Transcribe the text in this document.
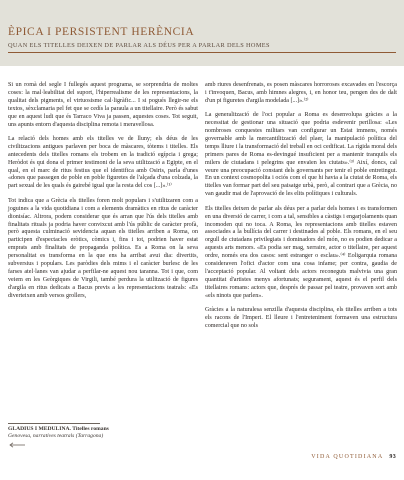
ÈPICA I PERSISTENT HERÈNCIA
QUAN ELS TITELLES DEIXEN DE PARLAR ALS DÉUS PER A PARLAR DELS HOMES

Si un romà del segle I fullegés aquest programa, se sorprendria de moltes coses: la mal·leabilitat del suport, l'hiperrealisme de les representacions, la qualitat dels pigments, el virtuosisme cal·ligràfic... I si pogués llegir-ne els textos, sèxclamaria pel fet que se cedís la paraula a un titellaire. Però és sabut que en aquest ludi que és Tarraco Viva ja passen, aquestes coses. Tot seguit, uns apunts entorn d'aquesta disciplina remota i meravellosa.

La relació dels homes amb els titelles ve de lluny; els déus de les civilitzacions antigues parlaven per boca de màscares, tòtems i titelles. Els antecedents dels titelles romans els trobem en la tradició egípcia i grega; Heròdot és qui dona el primer testimoni de la seva utilització a Egipte, en el qual, en el marc de ritus festius que el identifica amb Osiris, parla d'unes «dones que passegen de poble en poble figuretes de l'alçada d'una colzada, la part sexual de les quals és gairebé igual que la resta del cos [...]».⁽¹⁾

Tot indica que a Grècia els titelles foren molt populars i s'utilitzaren com a joguines a la vida quotidiana i com a elements dramàtics en ritus de caràcter dionisíac. Altrora, podem considerar que és arran que l'ús dels titelles amb finalitats rituals ja podria haver convixcut amb l'ús públic de caràcter profà, però aquesta culminació sevidencia aquan els titelles arriben a Roma, on participen d'espectacles eròtics, còmics i, fins i tot, podrien haver estat emprats amb finalitats de propaganda política. Es a Roma on la seva personalitat es transforma en la que ens ha arribat avui dia: divertits, subversius i populars. Les paròdies dels mims i el caràcter burlesc de les farses atel·lanes van ajudar a perfilar-ne aquest nou taranna. Tot i que, com veiem en les Geòrgiques de Virgili, també perdura la utilització de figures d'argila en ritus dedicats a Bacus previs a les representacions teatrals: «Es diverteixen amb versos grollers,

amb riures desenfrenats, es posen màscares horroroses excavades en l'escorça i t'invoquen, Bacus, amb himnes alegres, i, en honor teu, pengen des de dalt d'un pi figuretes d'argila modelada [...]».⁽²⁾

La generalització de l'oci popular a Roma es desenvolupa gràcies a la necessitat de gestionar una situació que podria esdevenir perillosa: «Les nombroses conquestes militars van configurar un Estat immens, només governable amb la mercantilització del plaer, la manipulació política del temps lliure i la transformació del treball en oci cedificat. La rígida moral dels primers pares de Roma es-devingué insuficient per a mantenir tranquils els milers de ciutadans i pelegrins que envaïen les ciutats».⁽³⁾ Així, doncs, cal veure una preocupació constant dels governants per tenir el poble entretingut. En un context cosmopolita i ociós com el que hi havia a la ciutat de Roma, els titelles van formar part del seu paisatge urbà, però, al contrari que a Grècia, no van gaudir mai de l'aprovació de les elits polítiques i culturals.

Els titelles deixen de parlar als déus per a parlar dels homes i es transformen en una diversió de carrer, i com a tal, sensibles a càstigs i engarjolaments quan incomoden qui no toca. A Roma, les representacions amb titelles estaven associades a la bullícia del carrer i destinades al poble. Els romans, en el seu orgull de ciutadans privilegiats i dominadors del món, no es podien dedicar a aquests arts menors. «Es podia ser mag, xerraire, actor o titellaire, per aquest ordre, només era dos casos: sent estranger o esclau».⁽⁴⁾ Eoligarquia romana consideraven l'ofici d'actor com una cosa infame; per contra, gaudia de l'acceptació popular. Al voltant dels actors reconeguts malvivia una gran quantitat d'artistes menys afortunats; segurament, aquest és el perfil dels titellaires romans: actors que, després de passar pel teatre, provaven sort amb «els ninots que parlen».

Gràcies a la naturalesa senzilla d'aquesta disciplina, els titelles arriben a tots els racons de l'Imperi. El lleure i l'entreteniment formaven una estructura comercial que no sols

GLADIUS I MEDULINA. Titelles romans
Genovesa, narratives teatrals (Tarragona)
VIDA QUOTIDIANA 93
